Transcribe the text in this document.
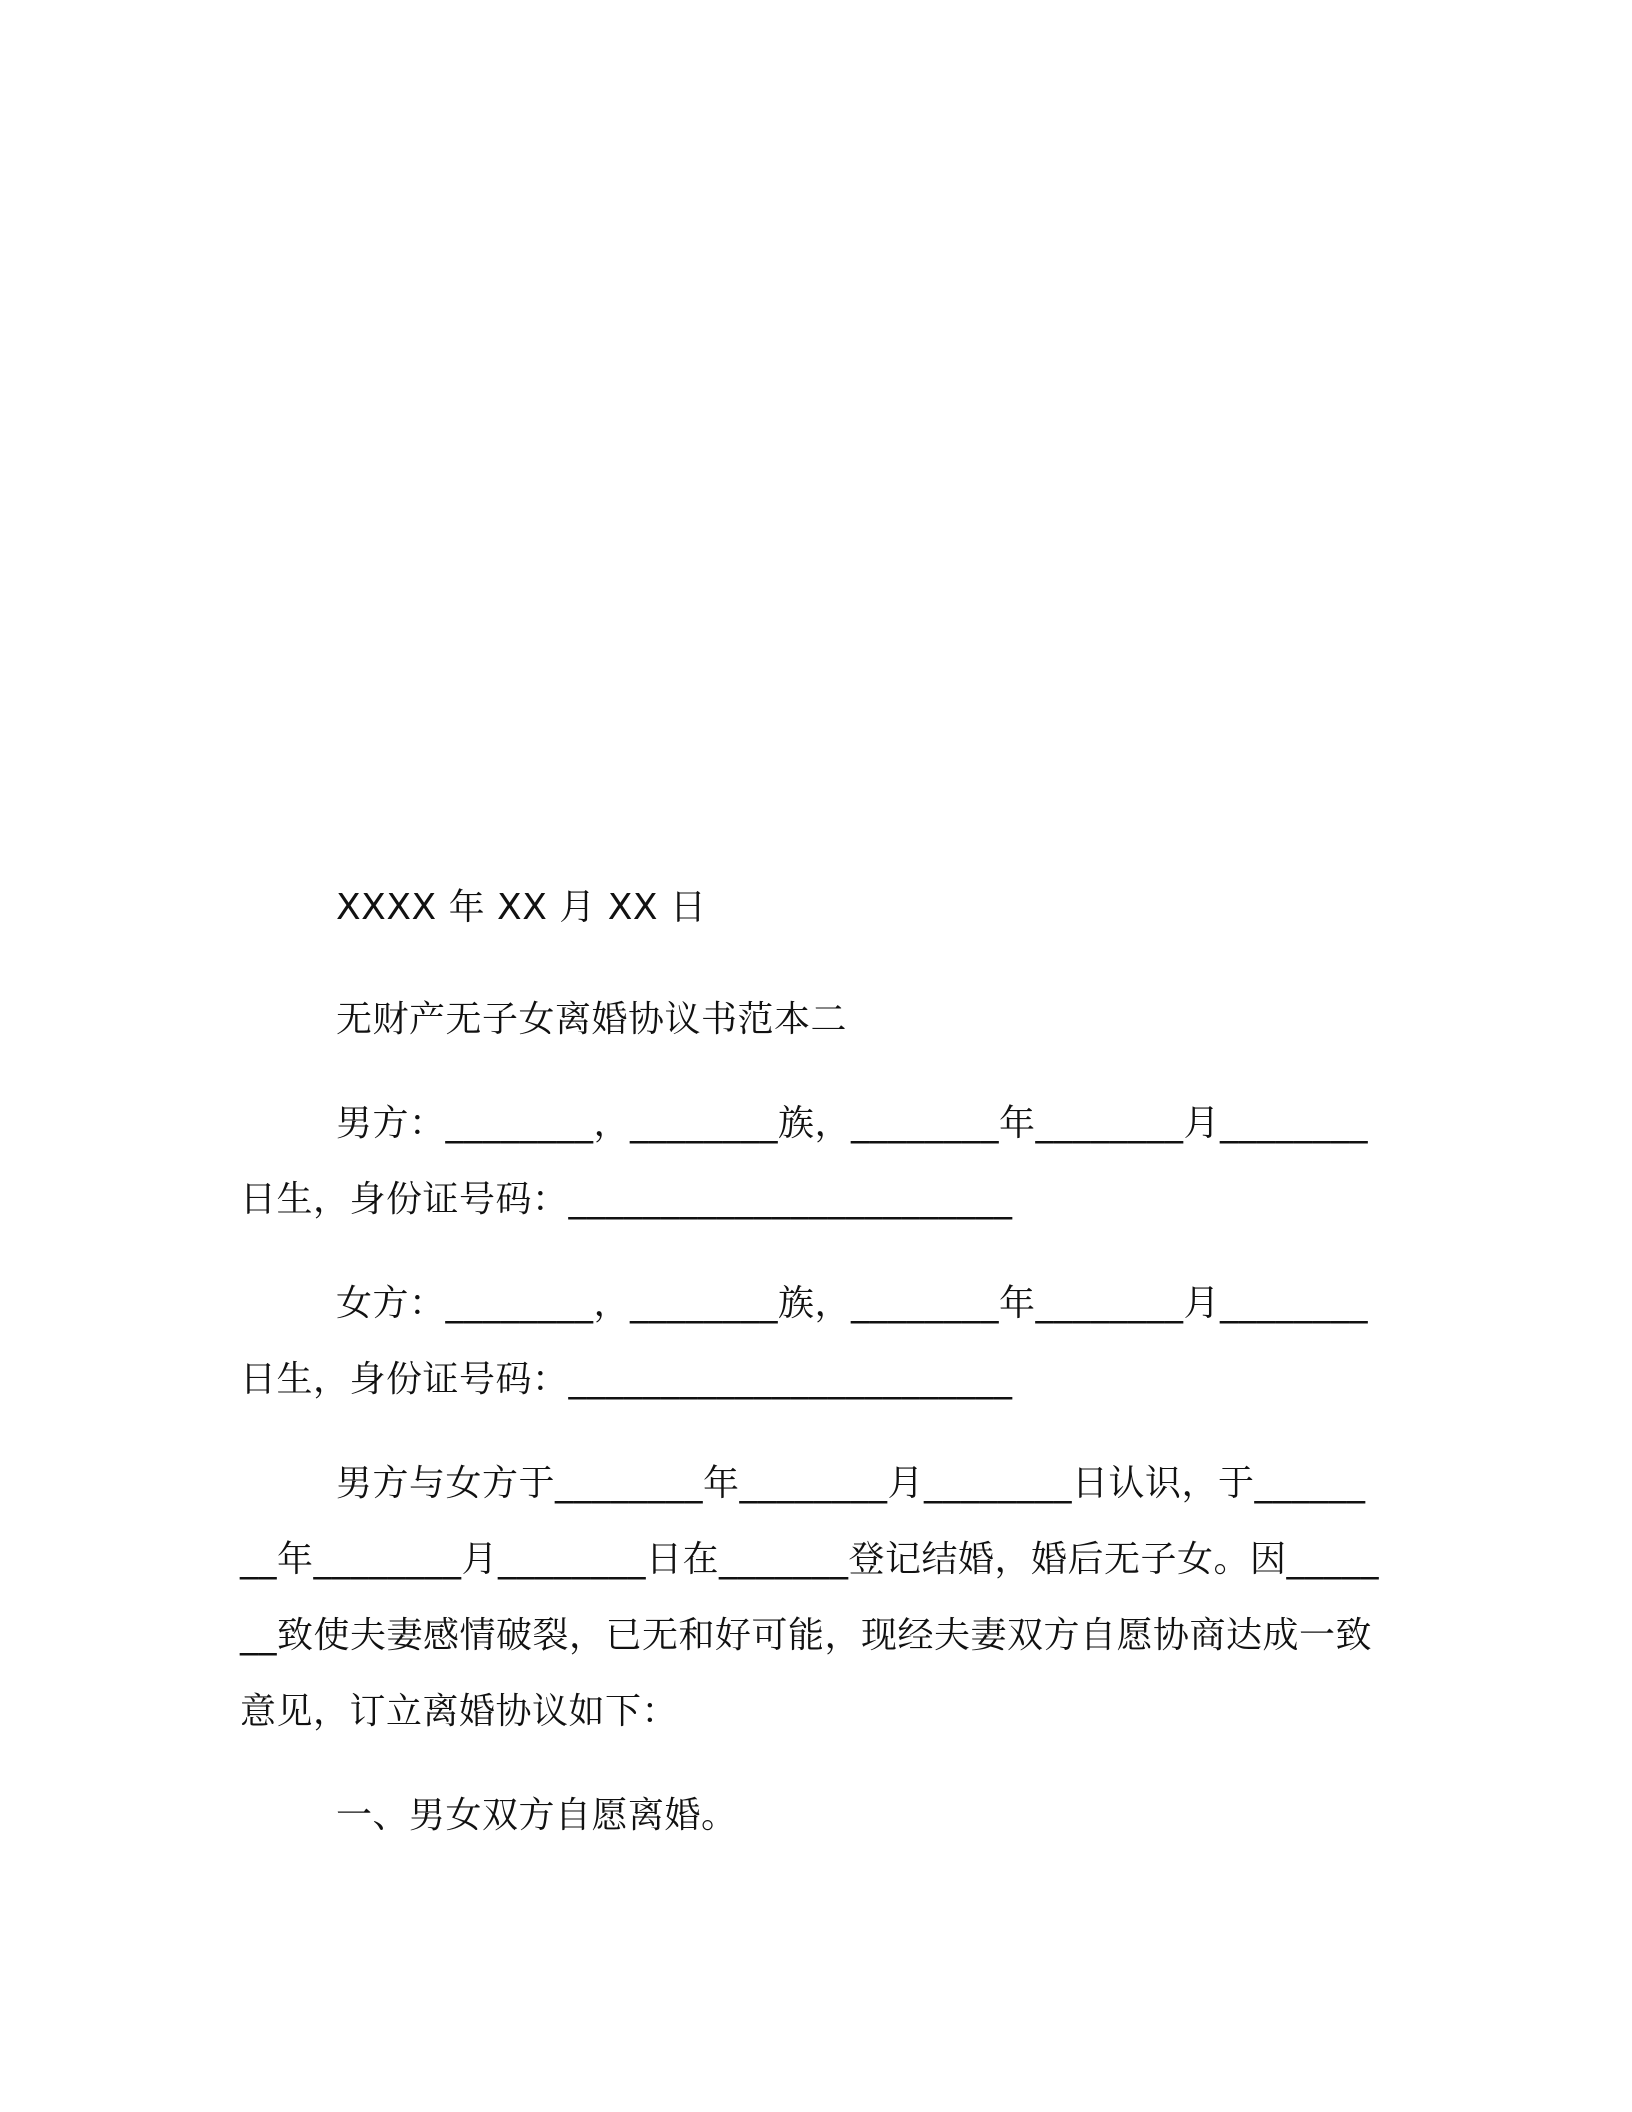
XXXX 年 XX 月 XX 日

无财产无子女离婚协议书范本二

男方：________，________族，________年________月________日生，身份证号码：________________________

女方：________，________族，________年________月________日生，身份证号码：________________________

男方与女方于________年________月________日认识，于________年________月________日在_______登记结婚，婚后无子女。因_______致使夫妻感情破裂，已无和好可能，现经夫妻双方自愿协商达成一致意见，订立离婚协议如下：

一、男女双方自愿离婚。
